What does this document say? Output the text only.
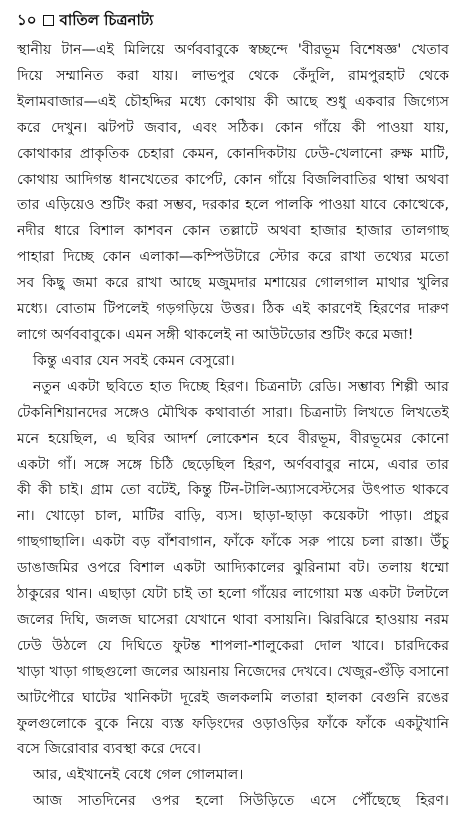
১০ বাতিল চিত্রনাট্য
স্থানীয় টান—এই মিলিয়ে অর্ণববাবুকে স্বচ্ছন্দে 'বীরভূম বিশেষজ্ঞ' খেতাব
দিয়ে সম্মানিত করা যায়। লাভপুর থেকে কেঁদুলি, রামপুরহাট থেকে
ইলামবাজার—এই চৌহদ্দির মধ্যে কোথায় কী আছে শুধু একবার জিগ্যেস
করে দেখুন। ঝটপট জবাব, এবং সঠিক। কোন গাঁয়ে কী পাওয়া যায়,
কোথাকার প্রাকৃতিক চেহারা কেমন, কোনদিকটায় ঢেউ-খেলানো রুক্ষ মাটি,
কোথায় আদিগন্ত ধানখেতের কার্পেট, কোন গাঁয়ে বিজলিবাতির থাম্বা অথবা
তার এড়িয়েও শুটিং করা সম্ভব, দরকার হলে পালকি পাওয়া যাবে কোত্থেকে,
নদীর ধারে বিশাল কাশবন কোন তল্লাটে অথবা হাজার হাজার তালগাছ
পাহারা দিচ্ছে কোন এলাকা—কম্পিউটারে স্টোর করে রাখা তথ্যের মতো
সব কিছু জমা করে রাখা আছে মজুমদার মশায়ের গোলগাল মাথার খুলির
মধ্যে। বোতাম টিপলেই গড়গড়িয়ে উত্তর। ঠিক এই কারণেই হিরণের দারুণ
লাগে অর্ণববাবুকে। এমন সঙ্গী থাকলেই না আউটডোর শুটিং করে মজা!
কিন্তু এবার যেন সবই কেমন বেসুরো।
নতুন একটা ছবিতে হাত দিচ্ছে হিরণ। চিত্রনাট্য রেডি। সম্ভাব্য শিল্পী আর
টেকনিশিয়ানদের সঙ্গেও মৌখিক কথাবার্তা সারা। চিত্রনাট্য লিখতে লিখতেই
মনে হয়েছিল, এ ছবির আদর্শ লোকেশন হবে বীরভূম, বীরভূমের কোনো
একটা গাঁ। সঙ্গে সঙ্গে চিঠি ছেড়েছিল হিরণ, অর্ণববাবুর নামে, এবার তার
কী কী চাই। গ্রাম তো বটেই, কিন্তু টিন-টালি-অ্যাসবেস্টসের উৎপাত থাকবে
না। খোড়ো চাল, মাটির বাড়ি, ব্যস। ছাড়া-ছাড়া কয়েকটা পাড়া। প্রচুর
গাছগাছালি। একটা বড় বাঁশবাগান, ফাঁকে ফাঁকে সরু পায়ে চলা রাস্তা। উঁচু
ডাঙাজমির ওপরে বিশাল একটা আদ্যিকালের ঝুরিনামা বট। তলায় ধম্মো
ঠাকুরের থান। এছাড়া যেটা চাই তা হলো গাঁয়ের লাগোয়া মস্ত একটা টলটলে
জলের দিঘি, জলজ ঘাসেরা যেখানে থাবা বসায়নি। ঝিরঝিরে হাওয়ায় নরম
ঢেউ উঠলে যে দিঘিতে ফুটন্ত শাপলা-শালুকেরা দোল খাবে। চারদিকের
খাড়া খাড়া গাছগুলো জলের আয়নায় নিজেদের দেখবে। খেজুর-গুঁড়ি বসানো
আটপৌরে ঘাটের খানিকটা দূরেই জলকলমি লতারা হালকা বেগুনি রঙের
ফুলগুলোকে বুকে নিয়ে ব্যস্ত ফড়িংদের ওড়াওড়ির ফাঁকে ফাঁকে একটুখানি
বসে জিরোবার ব্যবস্থা করে দেবে।
আর, এইখানেই বেধে গেল গোলমাল।
আজ সাতদিনের ওপর হলো সিউড়িতে এসে পৌঁছেছে হিরণ।
